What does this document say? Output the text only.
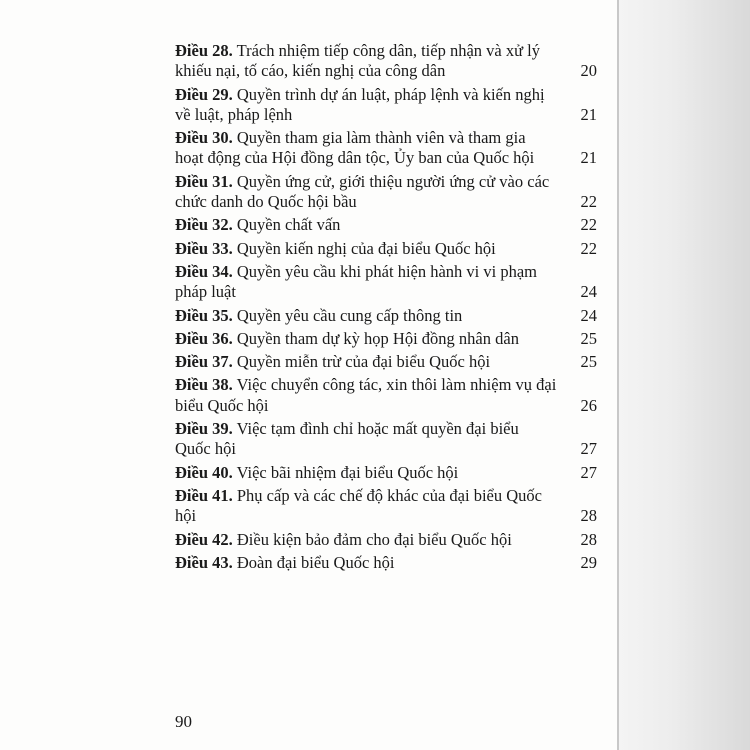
Điều 28. Trách nhiệm tiếp công dân, tiếp nhận và xử lý khiếu nại, tố cáo, kiến nghị của công dân	20
Điều 29. Quyền trình dự án luật, pháp lệnh và kiến nghị về luật, pháp lệnh	21
Điều 30. Quyền tham gia làm thành viên và tham gia hoạt động của Hội đồng dân tộc, Ủy ban của Quốc hội	21
Điều 31. Quyền ứng cử, giới thiệu người ứng cử vào các chức danh do Quốc hội bầu	22
Điều 32. Quyền chất vấn	22
Điều 33. Quyền kiến nghị của đại biểu Quốc hội	22
Điều 34. Quyền yêu cầu khi phát hiện hành vi vi phạm pháp luật	24
Điều 35. Quyền yêu cầu cung cấp thông tin	24
Điều 36. Quyền tham dự kỳ họp Hội đồng nhân dân	25
Điều 37. Quyền miễn trừ của đại biểu Quốc hội	25
Điều 38. Việc chuyển công tác, xin thôi làm nhiệm vụ đại biểu Quốc hội	26
Điều 39. Việc tạm đình chỉ hoặc mất quyền đại biểu Quốc hội	27
Điều 40. Việc bãi nhiệm đại biểu Quốc hội	27
Điều 41. Phụ cấp và các chế độ khác của đại biểu Quốc hội	28
Điều 42. Điều kiện bảo đảm cho đại biểu Quốc hội	28
Điều 43. Đoàn đại biểu Quốc hội	29
90
